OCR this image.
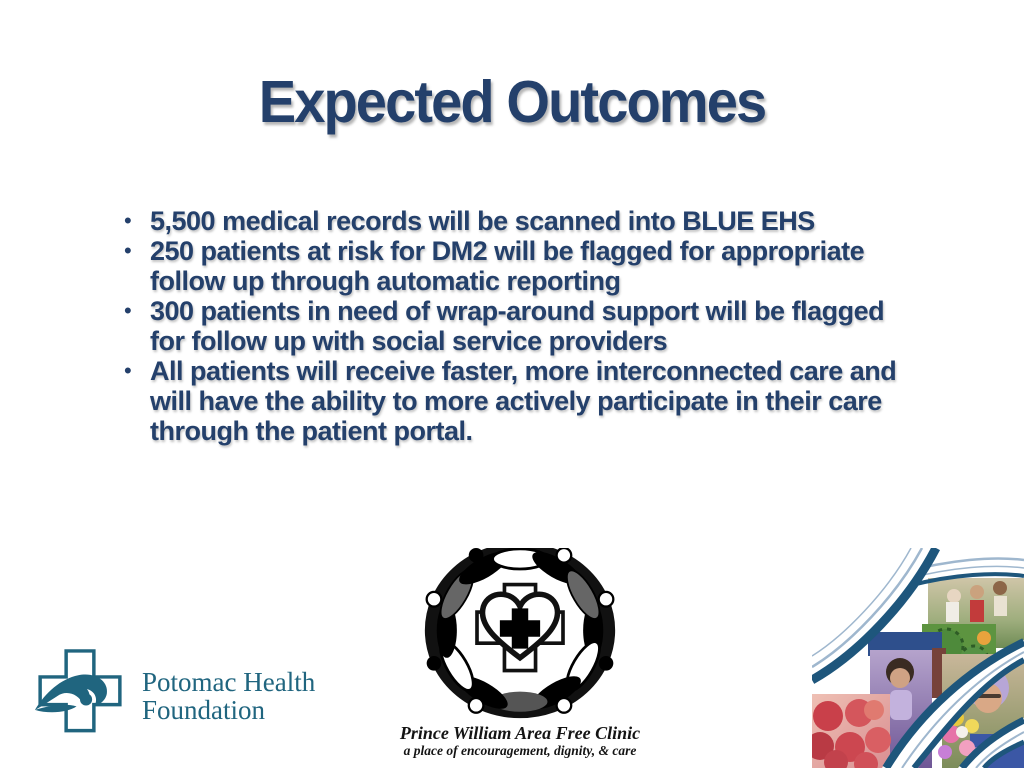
Expected Outcomes
• 5,500 medical records will be scanned into BLUE EHS
• 250 patients at risk for DM2 will be flagged for appropriate follow up through automatic reporting
• 300 patients in need of wrap-around support will be flagged for follow up with social service providers
• All patients will receive faster, more interconnected care and will have the ability to more actively participate in their care through the patient portal.
Potomac Health
Foundation
Prince William Area Free Clinic
a place of encouragement, dignity, & care
